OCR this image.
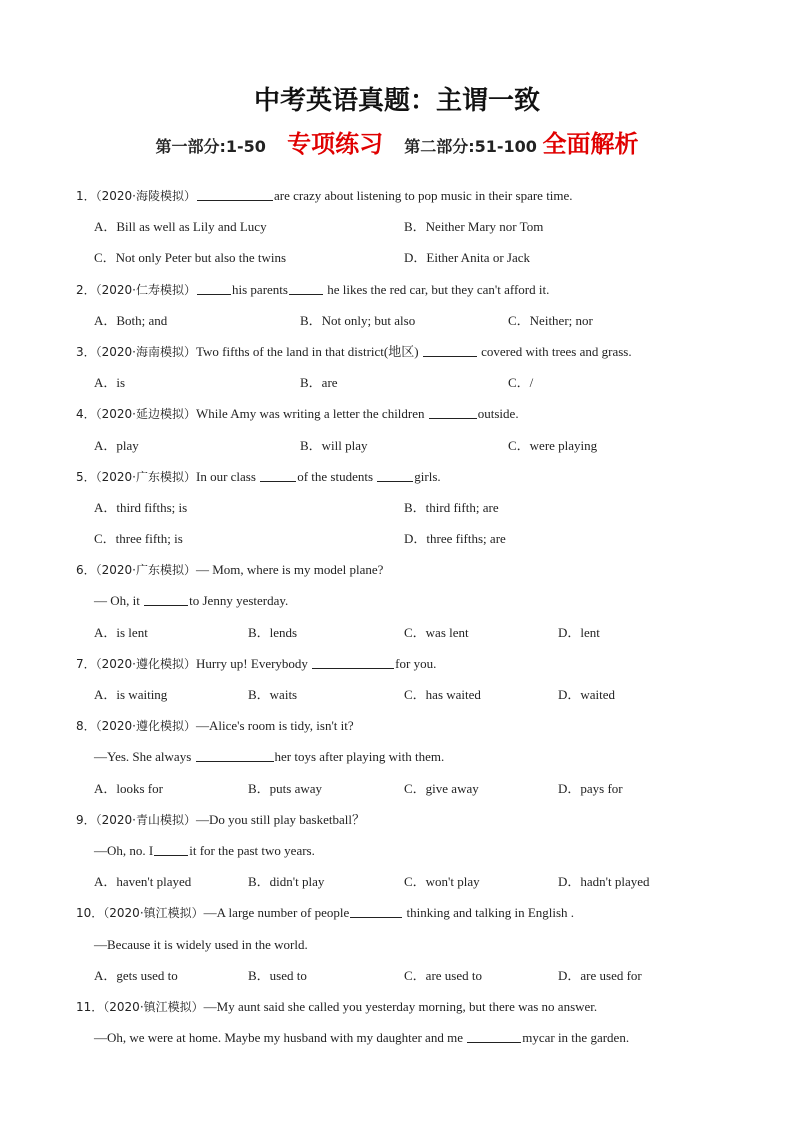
中考英语真题：主谓一致
第一部分:1-50 专项练习 第二部分:51-100 全面解析
1．（2020·海陵模拟）	are crazy about listening to pop music in their spare time.
A．Bill as well as Lily and Lucy	B．Neither Mary nor Tom
C．Not only Peter but also the twins	D．Either Anita or Jack
2．（2020·仁寿模拟）	his parents	he likes the red car, but they can't afford it.
A．Both; and	B．Not only; but also	C．Neither; nor
3．（2020·海南模拟）Two fifths of the land in that district(地区)	covered with trees and grass.
A．is	B．are	C．/
4．（2020·延边模拟）While Amy was writing a letter the children	outside.
A．play	B．will play	C．were playing
5．（2020·广东模拟）In our class	of the students	girls.
A．third fifths; is	B．third fifth; are
C．three fifth; is	D．three fifths; are
6．（2020·广东模拟）— Mom, where is my model plane?
— Oh, it	to Jenny yesterday.
A．is lent	B．lends	C．was lent	D．lent
7．（2020·遵化模拟）Hurry up! Everybody	for you.
A．is waiting	B．waits	C．has waited	D．waited
8．（2020·遵化模拟）—Alice's room is tidy, isn't it?
—Yes. She always	her toys after playing with them.
A．looks for	B．puts away	C．give away	D．pays for
9．（2020·青山模拟）—Do you still play basketball？
—Oh, no. I	it for the past two years.
A．haven't played	B．didn't play	C．won't play	D．hadn't played
10．（2020·镇江模拟）—A large number of people	thinking and talking in English .
—Because it is widely used in the world.
A．gets used to	B．used to	C．are used to	D．are used for
11．（2020·镇江模拟）—My aunt said she called you yesterday morning, but there was no answer.
—Oh, we were at home. Maybe my husband with my daughter and me	mycar in the garden.
